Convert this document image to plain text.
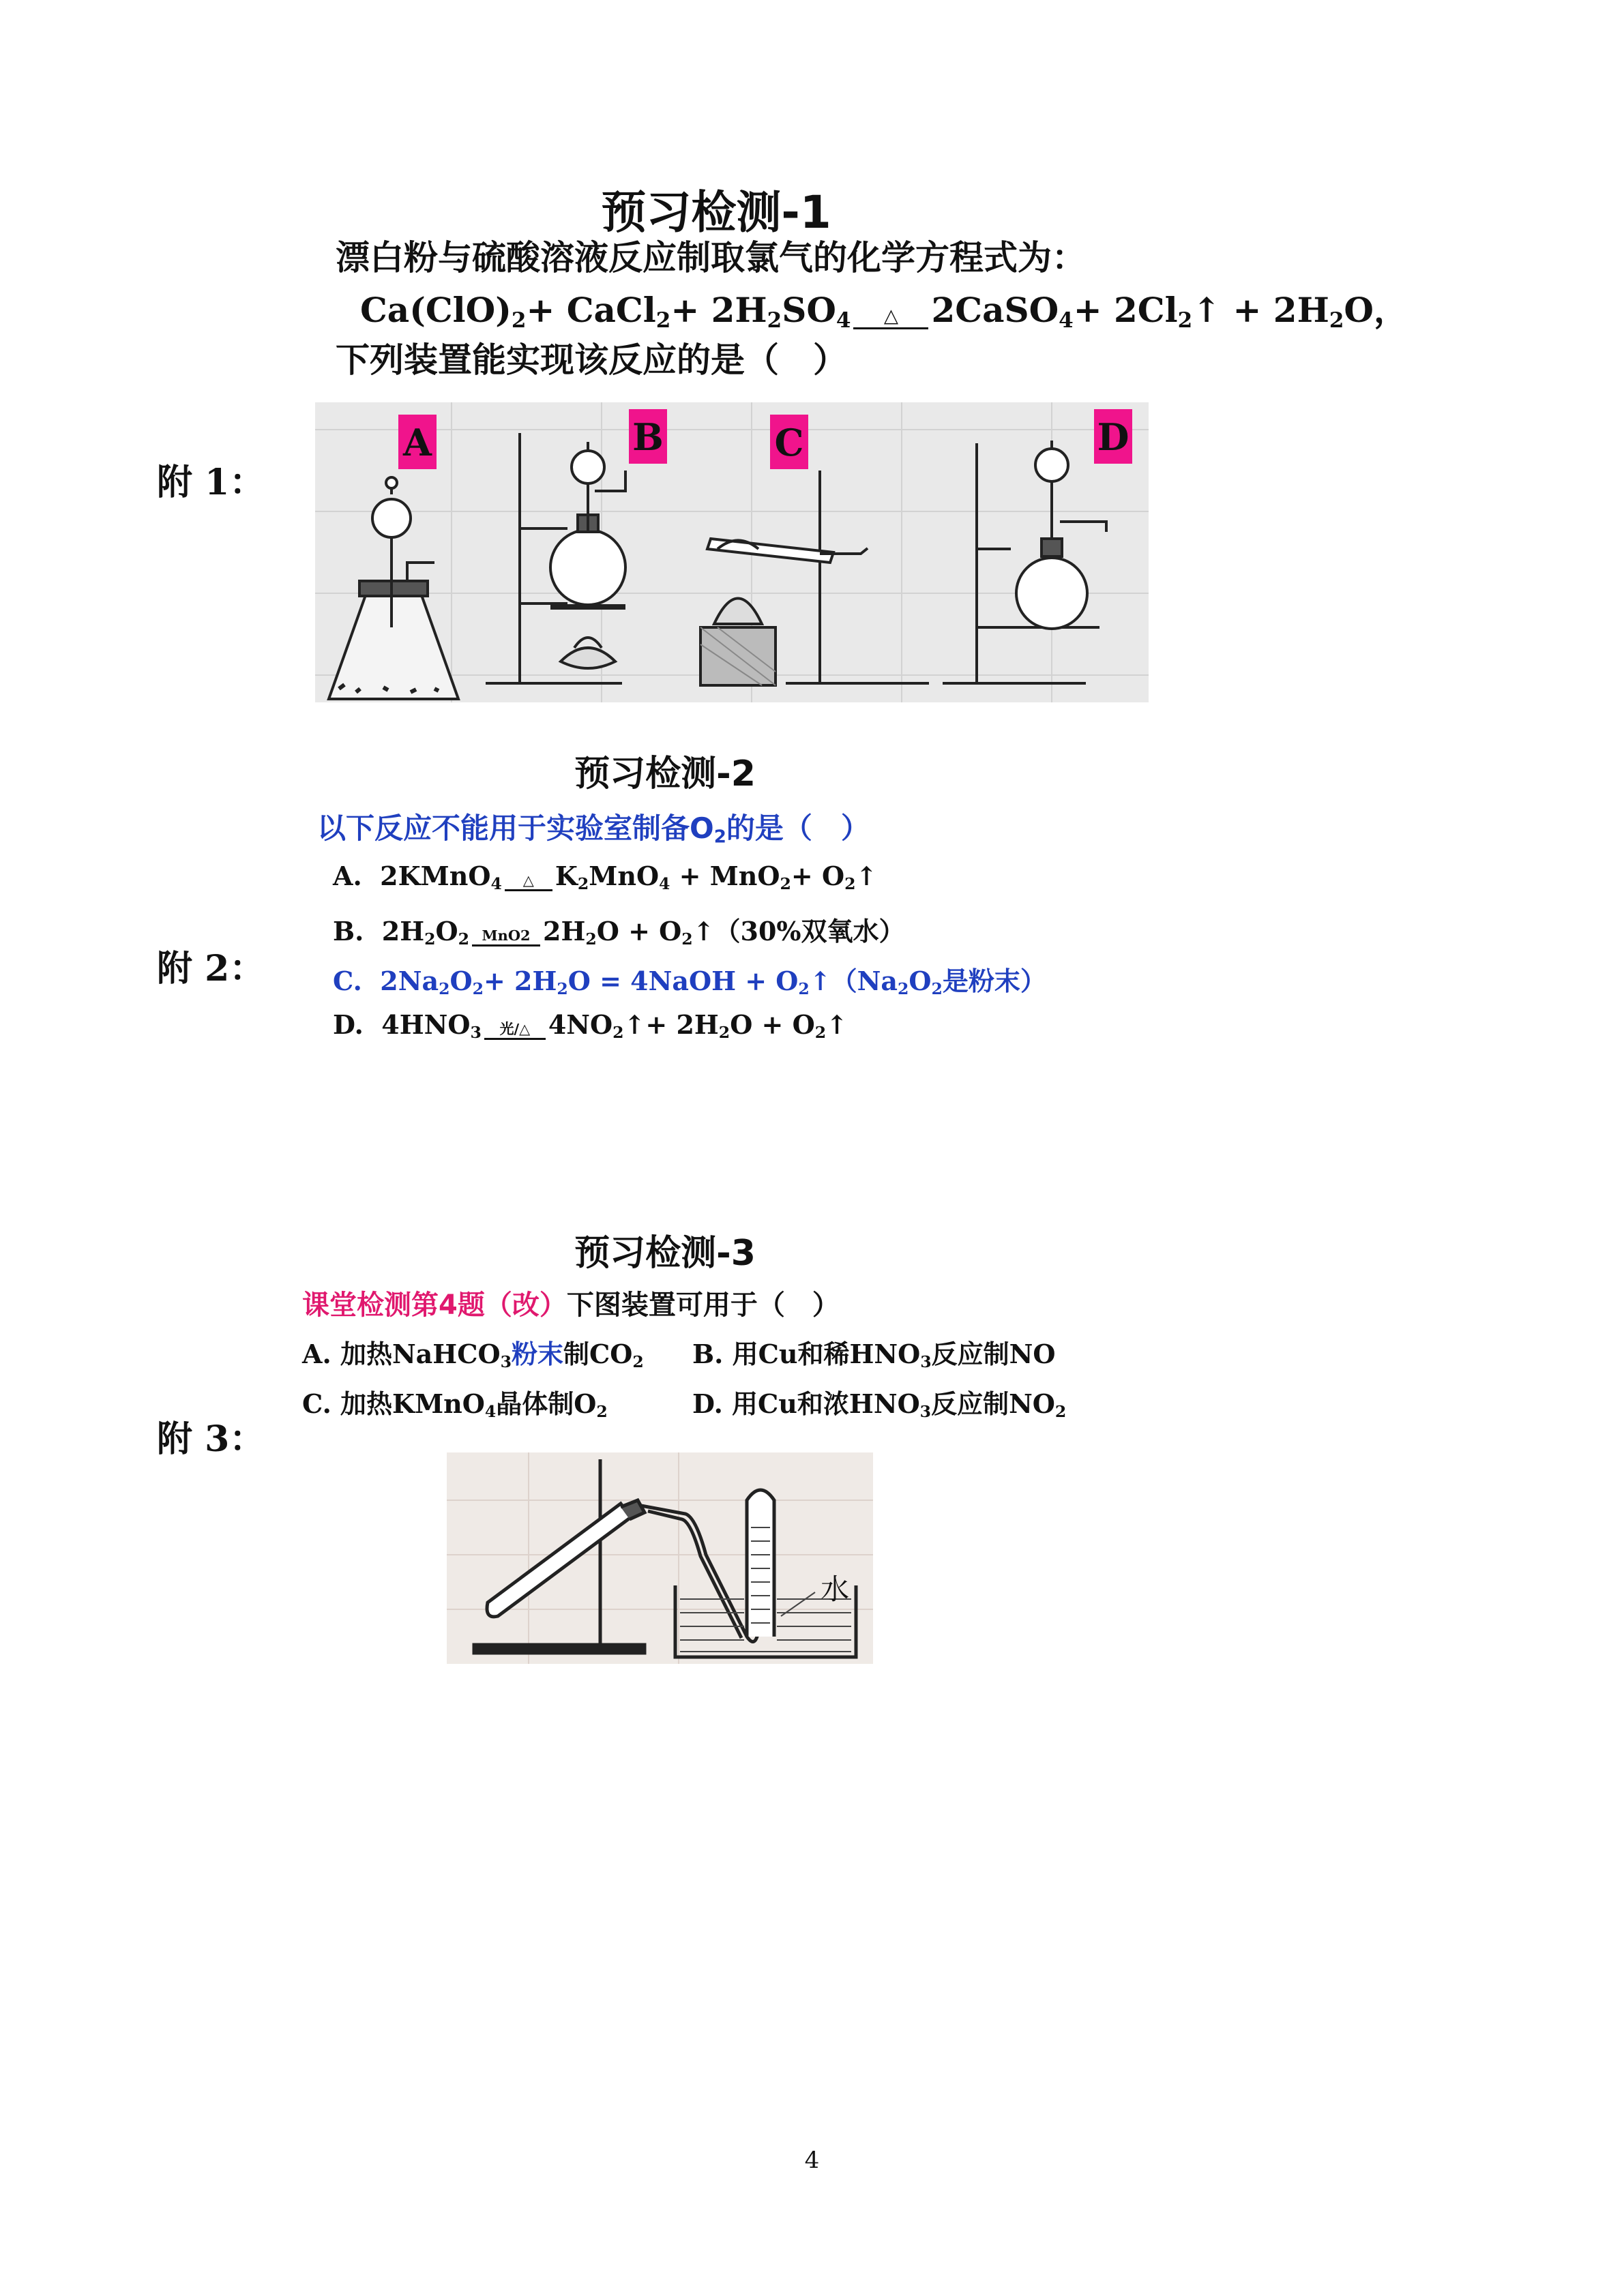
预习检测-1
漂白粉与硫酸溶液反应制取氯气的化学方程式为：
$Ca(ClO)_2+$ CaCl$_2$+ $2H_2SO_4$	△ 2CaSO$_4$+ $2Cl_2↑ + 2H_2O$，
下列装置能实现该反应的是（　）
附 1：
A	B	C	D
预习检测-2
以下反应不能用于实验室制备$O_2$的是（　）
附 2：
A.  2KMnO$_4$	△ $K_2MnO_4 + MnO_2+$ $O_2↑$
B.  $2H_2O_2$ MnO2 $2H_2O$ + $O_2↑(30\%$双氧水）
C.  $2Na_2O_2+ 2H_2O$ = 4NaOH + $O_2↑(Na_2O_2$是粉末）
D.  $4HNO_3$	光/△ $4NO_2↑+ 2H_2O$ + $O_2↑$
预习检测-3
课堂检测第4题（改）下图装置可用于（　）
A. 加热NaHCO$_3$粉末制$CO_2$ B. 用Cu和稀$HNO_3$反应制NO
C. 加热KMnO$_4$晶体制$O_2$	D. 用Cu和浓$HNO_3$反应制$NO_2$
附 3：
水
4
